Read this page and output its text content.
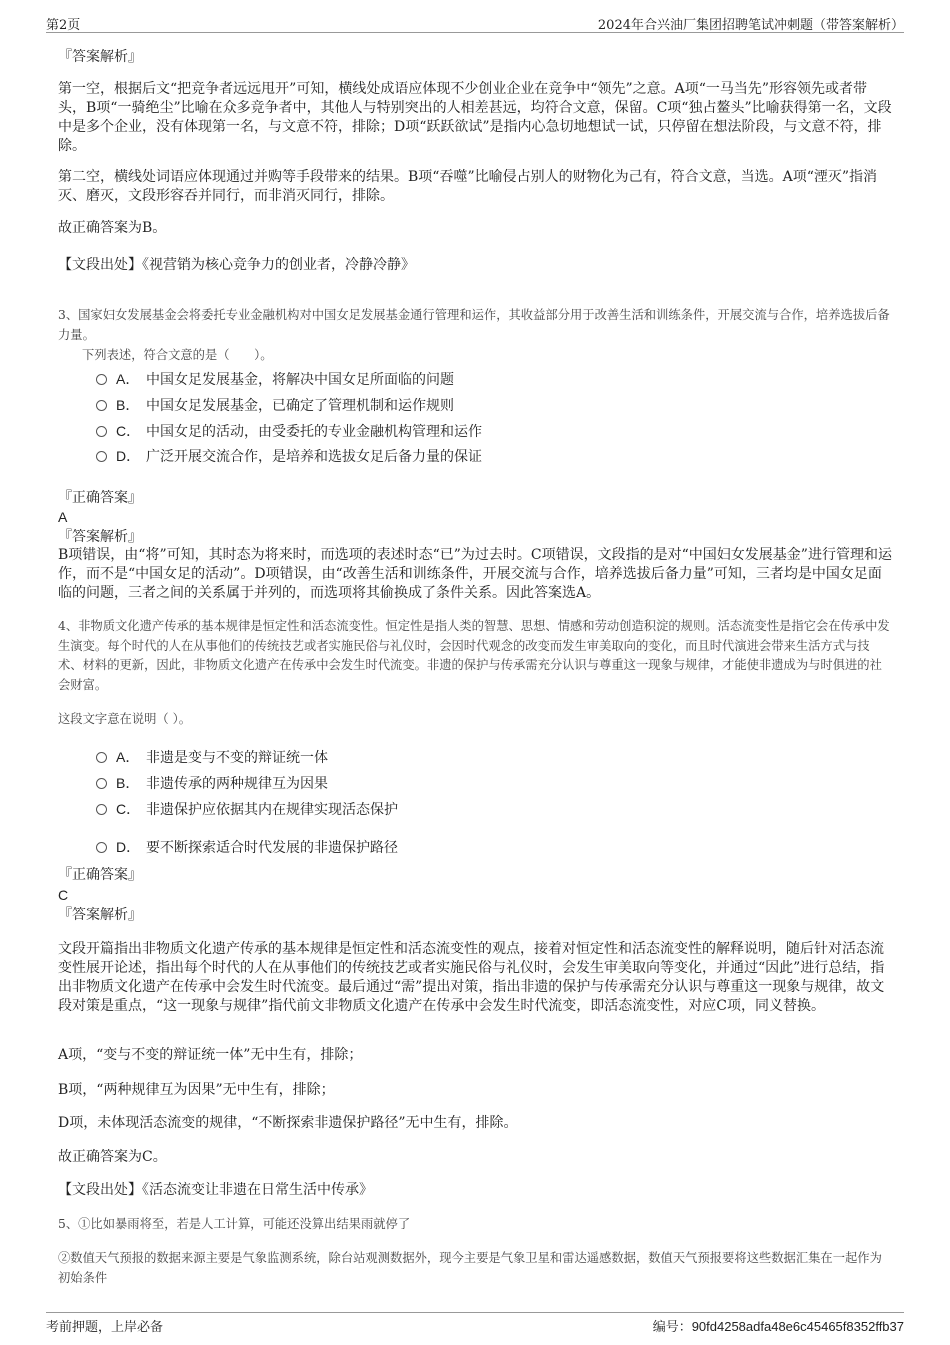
第2页	2024年合兴油厂集团招聘笔试冲刺题（带答案解析）
『答案解析』
第一空，根据后文“把竞争者远远甩开”可知，横线处成语应体现不少创业企业在竞争中“领先”之意。A项“一马当先”形容领先或者带头，B项“一骑绝尘”比喻在众多竞争者中，其他人与特别突出的人相差甚远，均符合文意，保留。C项“独占鳌头”比喻获得第一名，文段中是多个企业，没有体现第一名，与文意不符，排除；D项“跃跃欲试”是指内心急切地想试一试，只停留在想法阶段，与文意不符，排除。
第二空，横线处词语应体现通过并购等手段带来的结果。B项“吞噬”比喻侵占别人的财物化为己有，符合文意，当选。A项“湮灭”指消灭、磨灭，文段形容吞并同行，而非消灭同行，排除。
故正确答案为B。
【文段出处】《视营销为核心竞争力的创业者，冷静冷静》
3、国家妇女发展基金会将委托专业金融机构对中国女足发展基金通行管理和运作，其收益部分用于改善生活和训练条件，开展交流与合作，培养选拔后备力量。
下列表述，符合文意的是（　　）。
A． 中国女足发展基金，将解决中国女足所面临的问题
B． 中国女足发展基金，已确定了管理机制和运作规则
C． 中国女足的活动，由受委托的专业金融机构管理和运作
D． 广泛开展交流合作，是培养和选拔女足后备力量的保证
『正确答案』
A
『答案解析』
B项错误，由“将”可知，其时态为将来时，而选项的表述时态“已”为过去时。C项错误，文段指的是对“中国妇女发展基金”进行管理和运作，而不是“中国女足的活动”。D项错误，由“改善生活和训练条件，开展交流与合作，培养选拔后备力量”可知，三者均是中国女足面临的问题，三者之间的关系属于并列的，而选项将其偷换成了条件关系。因此答案选A。
4、非物质文化遗产传承的基本规律是恒定性和活态流变性。恒定性是指人类的智慧、思想、情感和劳动创造积淀的规则。活态流变性是指它会在传承中发生演变。每个时代的人在从事他们的传统技艺或者实施民俗与礼仪时，会因时代观念的改变而发生审美取向的变化，而且时代演进会带来生活方式与技术、材料的更新，因此，非物质文化遗产在传承中会发生时代流变。非遗的保护与传承需充分认识与尊重这一现象与规律，才能使非遗成为与时俱进的社会财富。
这段文字意在说明（ ）。
A． 非遗是变与不变的辩证统一体
B． 非遗传承的两种规律互为因果
C． 非遗保护应依据其内在规律实现活态保护
D． 要不断探索适合时代发展的非遗保护路径
『正确答案』
C
『答案解析』
文段开篇指出非物质文化遗产传承的基本规律是恒定性和活态流变性的观点，接着对恒定性和活态流变性的解释说明，随后针对活态流变性展开论述，指出每个时代的人在从事他们的传统技艺或者实施民俗与礼仪时，会发生审美取向等变化，并通过“因此”进行总结，指出非物质文化遗产在传承中会发生时代流变。最后通过“需”提出对策，指出非遗的保护与传承需充分认识与尊重这一现象与规律，故文段对策是重点，“这一现象与规律”指代前文非物质文化遗产在传承中会发生时代流变，即活态流变性，对应C项，同义替换。
A项，“变与不变的辩证统一体”无中生有，排除；
B项，“两种规律互为因果”无中生有，排除；
D项，未体现活态流变的规律，“不断探索非遗保护路径”无中生有，排除。
故正确答案为C。
【文段出处】《活态流变让非遗在日常生活中传承》
5、①比如暴雨将至，若是人工计算，可能还没算出结果雨就停了
②数值天气预报的数据来源主要是气象监测系统，除台站观测数据外，现今主要是气象卫星和雷达遥感数据，数值天气预报要将这些数据汇集在一起作为初始条件
考前押题，上岸必备	编号：90fd4258adfa48e6c45465f8352ffb37
